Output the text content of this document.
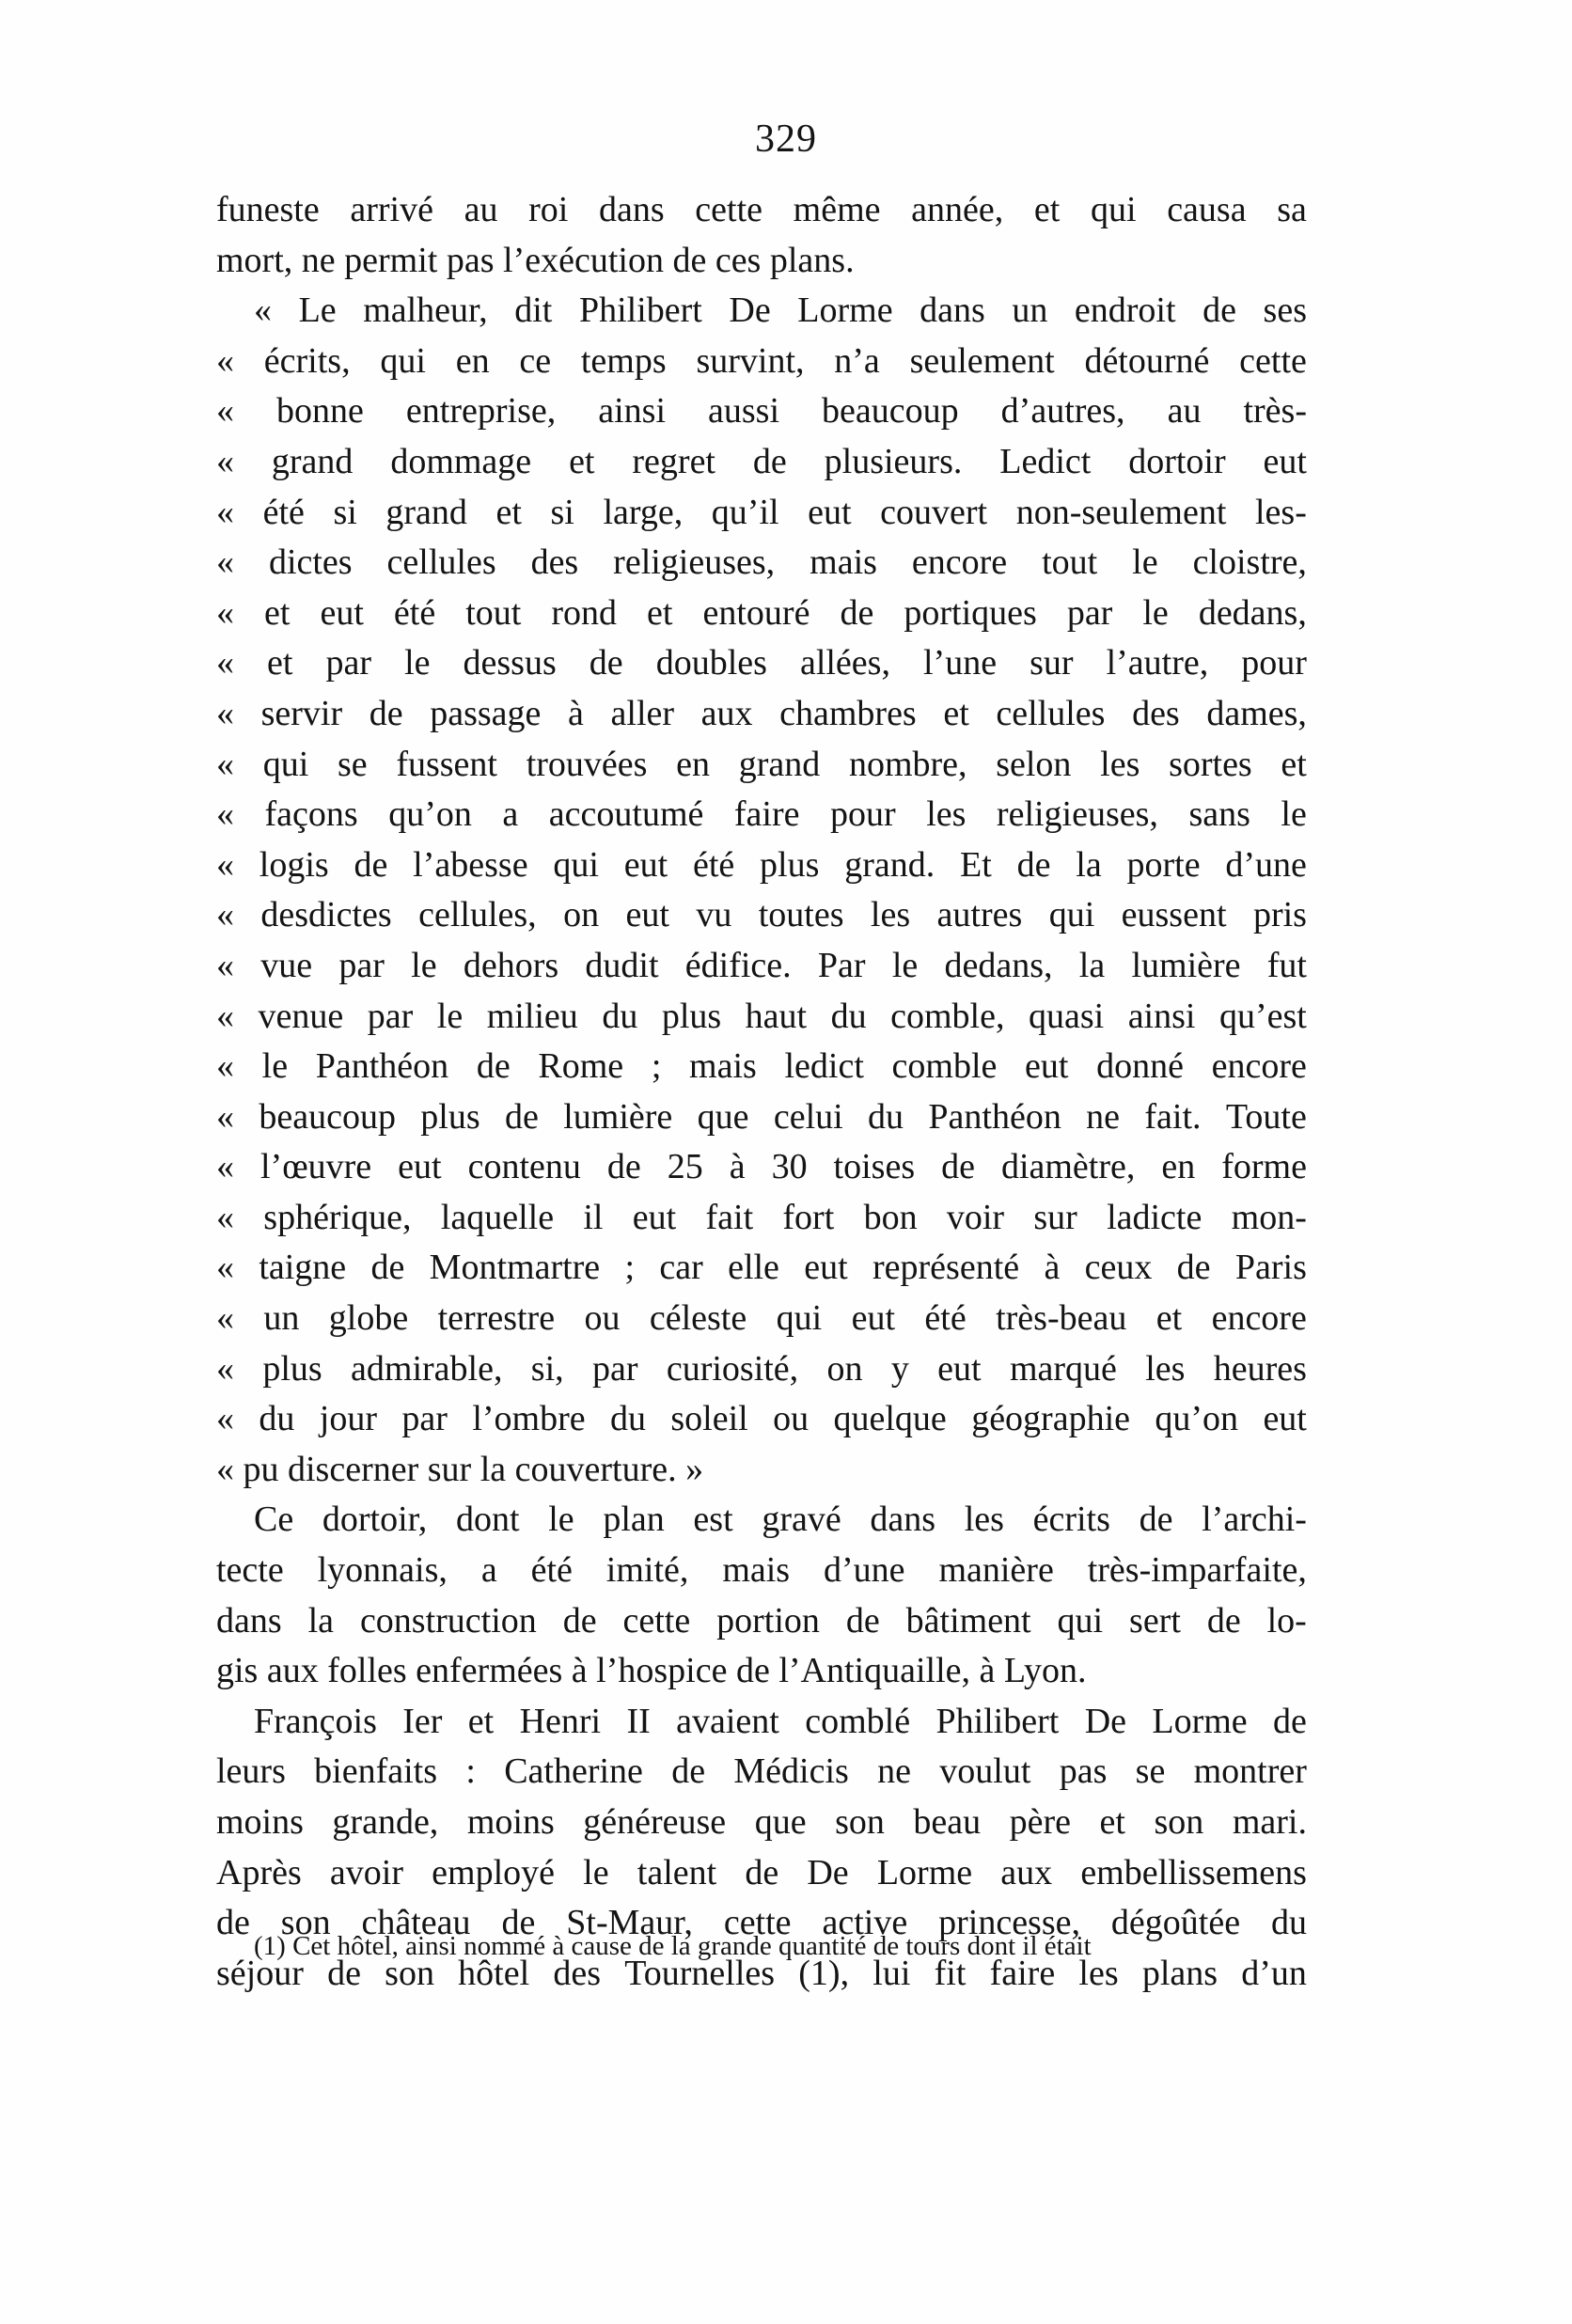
329
funeste arrivé au roi dans cette même année, et qui causa sa
mort, ne permit pas l’exécution de ces plans.
« Le malheur, dit Philibert De Lorme dans un endroit de ses
« écrits, qui en ce temps survint, n’a seulement détourné cette
« bonne entreprise, ainsi aussi beaucoup d’autres, au très-
« grand dommage et regret de plusieurs. Ledict dortoir eut
« été si grand et si large, qu’il eut couvert non-seulement les-
« dictes cellules des religieuses, mais encore tout le cloistre,
« et eut été tout rond et entouré de portiques par le dedans,
« et par le dessus de doubles allées, l’une sur l’autre, pour
« servir de passage à aller aux chambres et cellules des dames,
« qui se fussent trouvées en grand nombre, selon les sortes et
« façons qu’on a accoutumé faire pour les religieuses, sans le
« logis de l’abesse qui eut été plus grand. Et de la porte d’une
« desdictes cellules, on eut vu toutes les autres qui eussent pris
« vue par le dehors dudit édifice. Par le dedans, la lumière fut
« venue par le milieu du plus haut du comble, quasi ainsi qu’est
« le Panthéon de Rome ; mais ledict comble eut donné encore
« beaucoup plus de lumière que celui du Panthéon ne fait. Toute
« l’œuvre eut contenu de 25 à 30 toises de diamètre, en forme
« sphérique, laquelle il eut fait fort bon voir sur ladicte mon-
« taigne de Montmartre ; car elle eut représenté à ceux de Paris
« un globe terrestre ou céleste qui eut été très-beau et encore
« plus admirable, si, par curiosité, on y eut marqué les heures
« du jour par l’ombre du soleil ou quelque géographie qu’on eut
« pu discerner sur la couverture. »
Ce dortoir, dont le plan est gravé dans les écrits de l’archi-
tecte lyonnais, a été imité, mais d’une manière très-imparfaite,
dans la construction de cette portion de bâtiment qui sert de lo-
gis aux folles enfermées à l’hospice de l’Antiquaille, à Lyon.
François Ier et Henri II avaient comblé Philibert De Lorme de
leurs bienfaits : Catherine de Médicis ne voulut pas se montrer
moins grande, moins généreuse que son beau père et son mari.
Après avoir employé le talent de De Lorme aux embellissemens
de son château de St-Maur, cette active princesse, dégoûtée du
séjour de son hôtel des Tournelles (1), lui fit faire les plans d’un
(1) Cet hôtel, ainsi nommé à cause de la grande quantité de tours dont il était
